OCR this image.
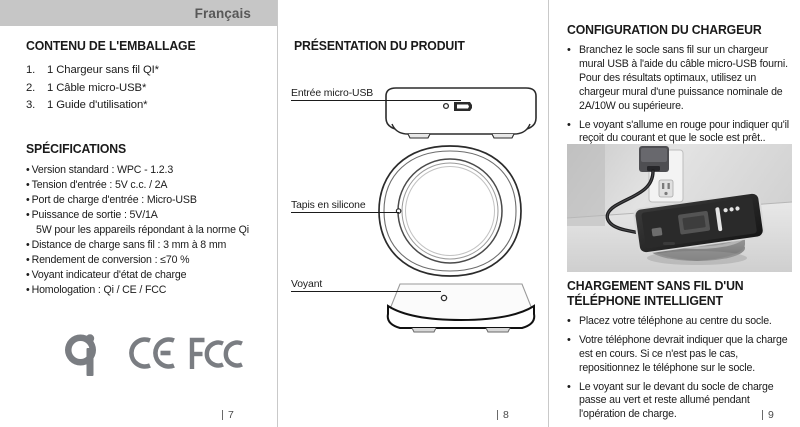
Français
CONTENU DE L'EMBALLAGE
1.	1 Chargeur sans fil QI*
2.	1 Câble micro-USB*
3.	1 Guide d'utilisation*
SPÉCIFICATIONS
• Version standard : WPC - 1.2.3
• Tension d'entrée : 5V c.c. / 2A
• Port de charge d'entrée : Micro-USB
• Puissance de sortie : 5V/1A
5W pour les appareils répondant à la norme Qi
• Distance de charge sans fil : 3 mm à 8 mm
• Rendement de conversion : ≤70 %
• Voyant indicateur d'état de charge
• Homologation : Qi / CE / FCC
7
PRÉSENTATION DU PRODUIT
Entrée micro-USB
Tapis en silicone
Voyant
8
CONFIGURATION DU CHARGEUR
• Branchez le socle sans fil sur un chargeur mural USB à l'aide du câble micro-USB fourni. Pour des résultats optimaux, utilisez un chargeur mural d'une puissance nominale de 2A/10W ou supérieure.
• Le voyant s'allume en rouge pour indiquer qu'il reçoit du courant et que le socle est prêt..
CHARGEMENT SANS FIL D'UN TÉLÉPHONE INTELLIGENT
• Placez votre téléphone au centre du socle.
• Votre téléphone devrait indiquer que la charge est en cours. Si ce n'est pas le cas, repositionnez le téléphone sur le socle.
• Le voyant sur le devant du socle de charge passe au vert et reste allumé pendant l'opération de charge.	9
